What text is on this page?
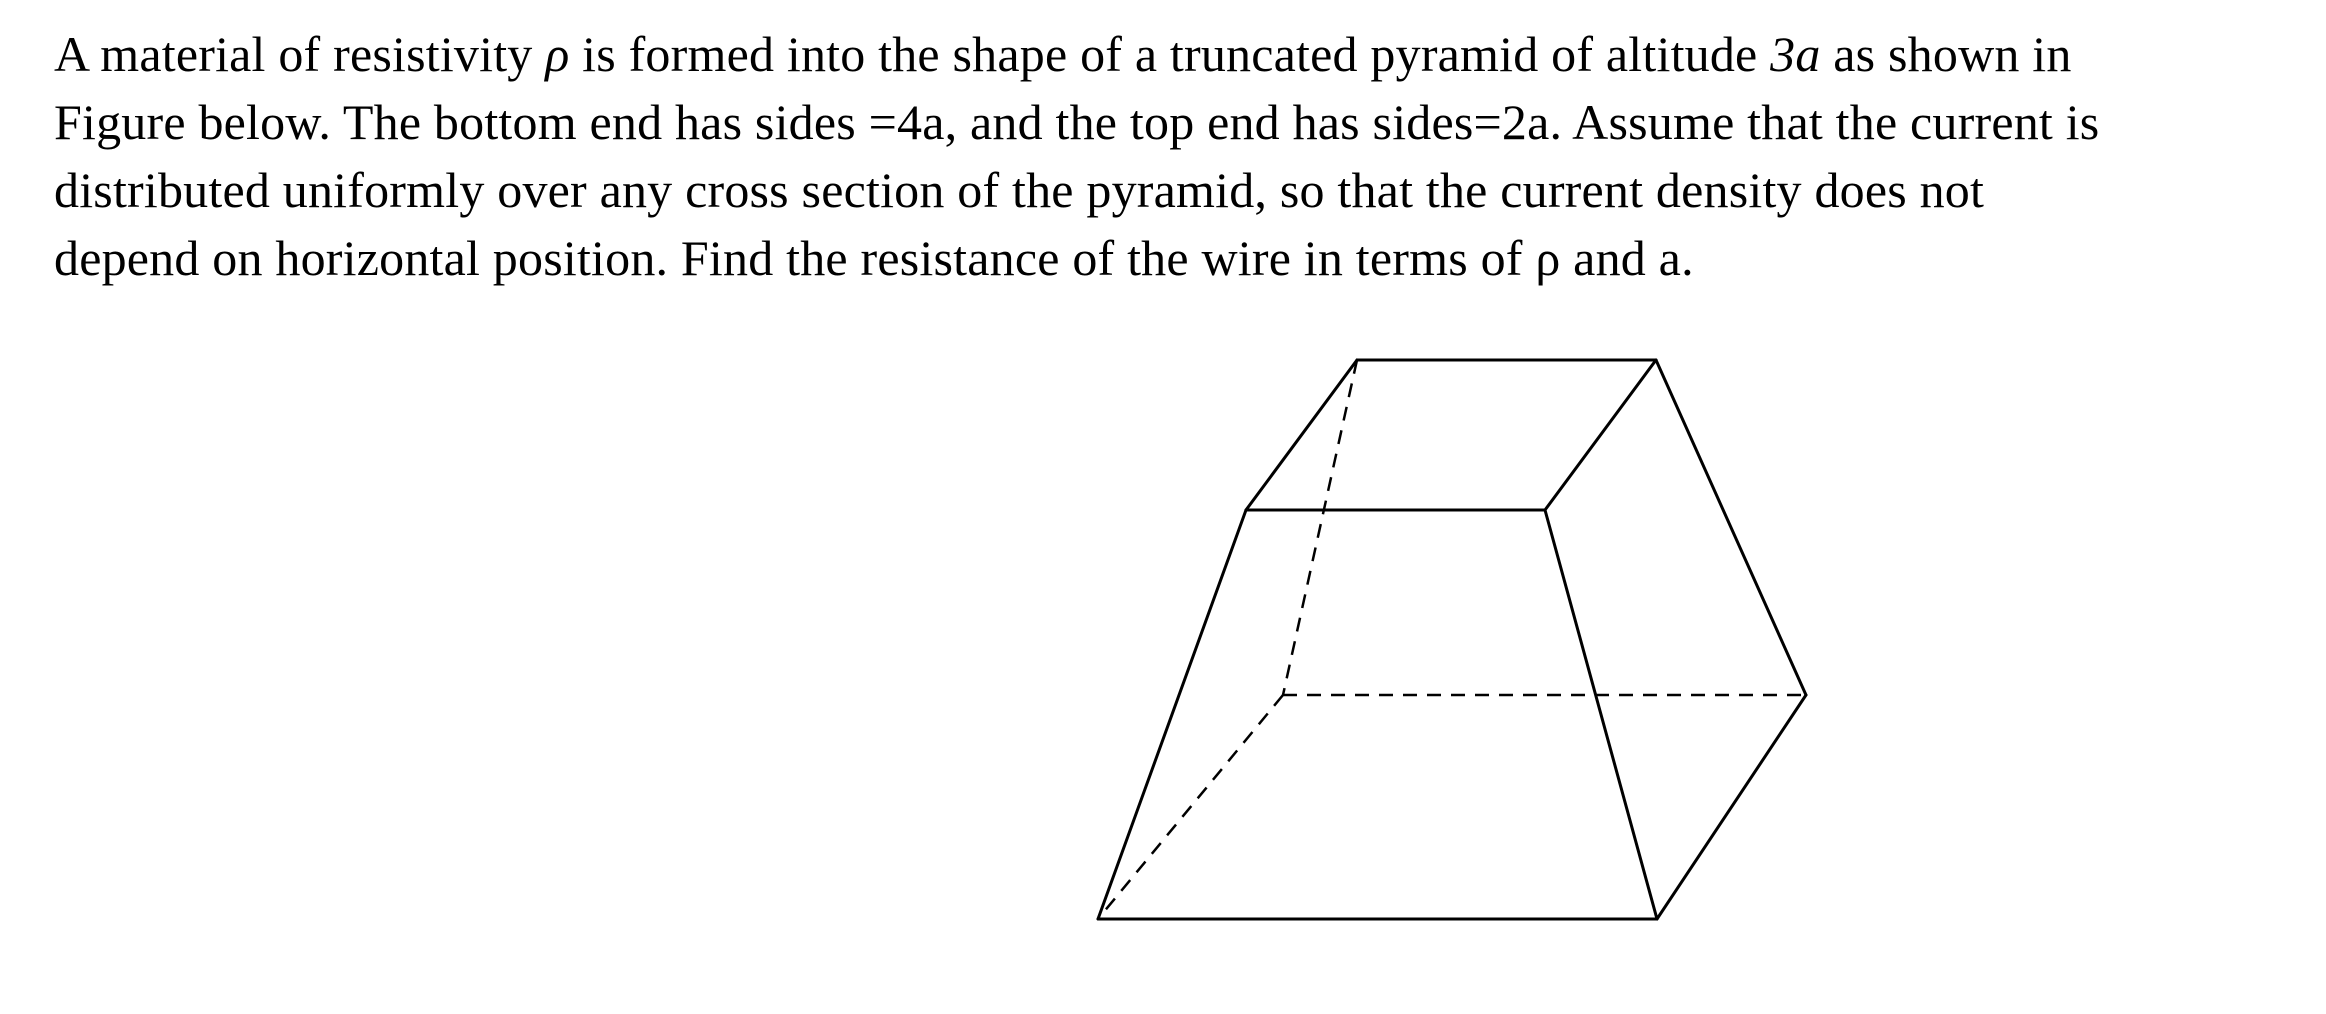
A material of resistivity ρ is formed into the shape of a truncated pyramid of altitude 3a as shown in
Figure below. The bottom end has sides =4a, and the top end has sides=2a. Assume that the current is
distributed uniformly over any cross section of the pyramid, so that the current density does not
depend on horizontal position. Find the resistance of the wire in terms of ρ and a.
